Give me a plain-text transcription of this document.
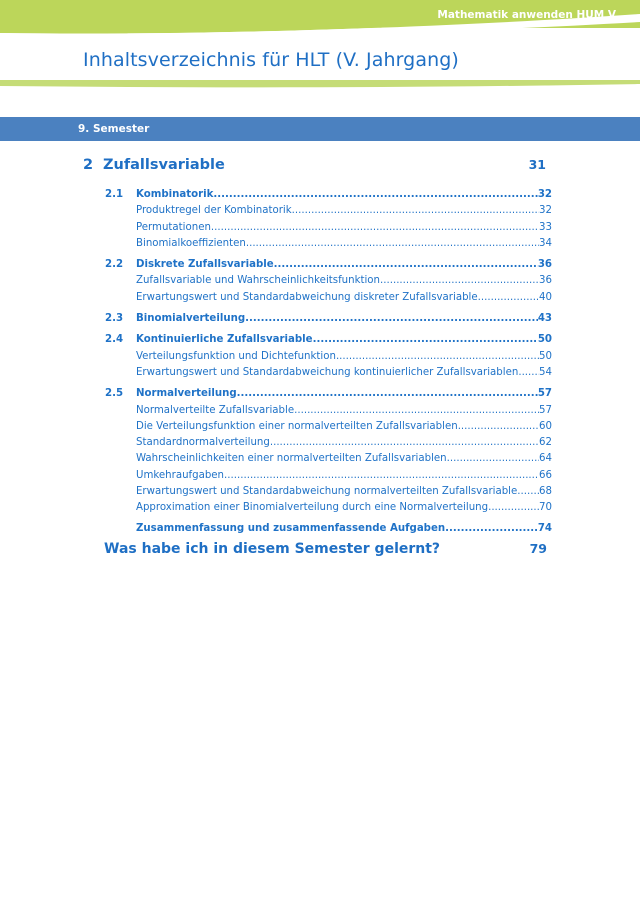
Mathematik anwenden HUM V
Inhaltsverzeichnis für HLT (V. Jahrgang)
9. Semester
2 Zufallsvariable	31
2.1	Kombinatorik .....	32
Produktregel der Kombinatorik .....	32
Permutationen .....	33
Binomialkoeffizienten .....	34
2.2	Diskrete Zufallsvariable .....	36
Zufallsvariable und Wahrscheinlichkeitsfunktion .....	36
Erwartungswert und Standardabweichung diskreter Zufallsvariable .....	40
2.3	Binomialverteilung .....	43
2.4	Kontinuierliche Zufallsvariable .....	50
Verteilungsfunktion und Dichtefunktion .....	50
Erwartungswert und Standardabweichung kontinuierlicher Zufallsvariablen ..... 54
2.5	Normalverteilung .....	57
Normalverteilte Zufallsvariable .....	57
Die Verteilungsfunktion einer normalverteilten Zufallsvariablen .....	60
Standardnormalverteilung .....	62
Wahrscheinlichkeiten einer normalverteilten Zufallsvariablen .....	64
Umkehraufgaben .....	66
Erwartungswert und Standardabweichung normalverteilten Zufallsvariable ..... 68
Approximation einer Binomialverteilung durch eine Normalverteilung .....	70
Zusammenfassung und zusammenfassende Aufgaben .....	74
Was habe ich in diesem Semester gelernt?	79
